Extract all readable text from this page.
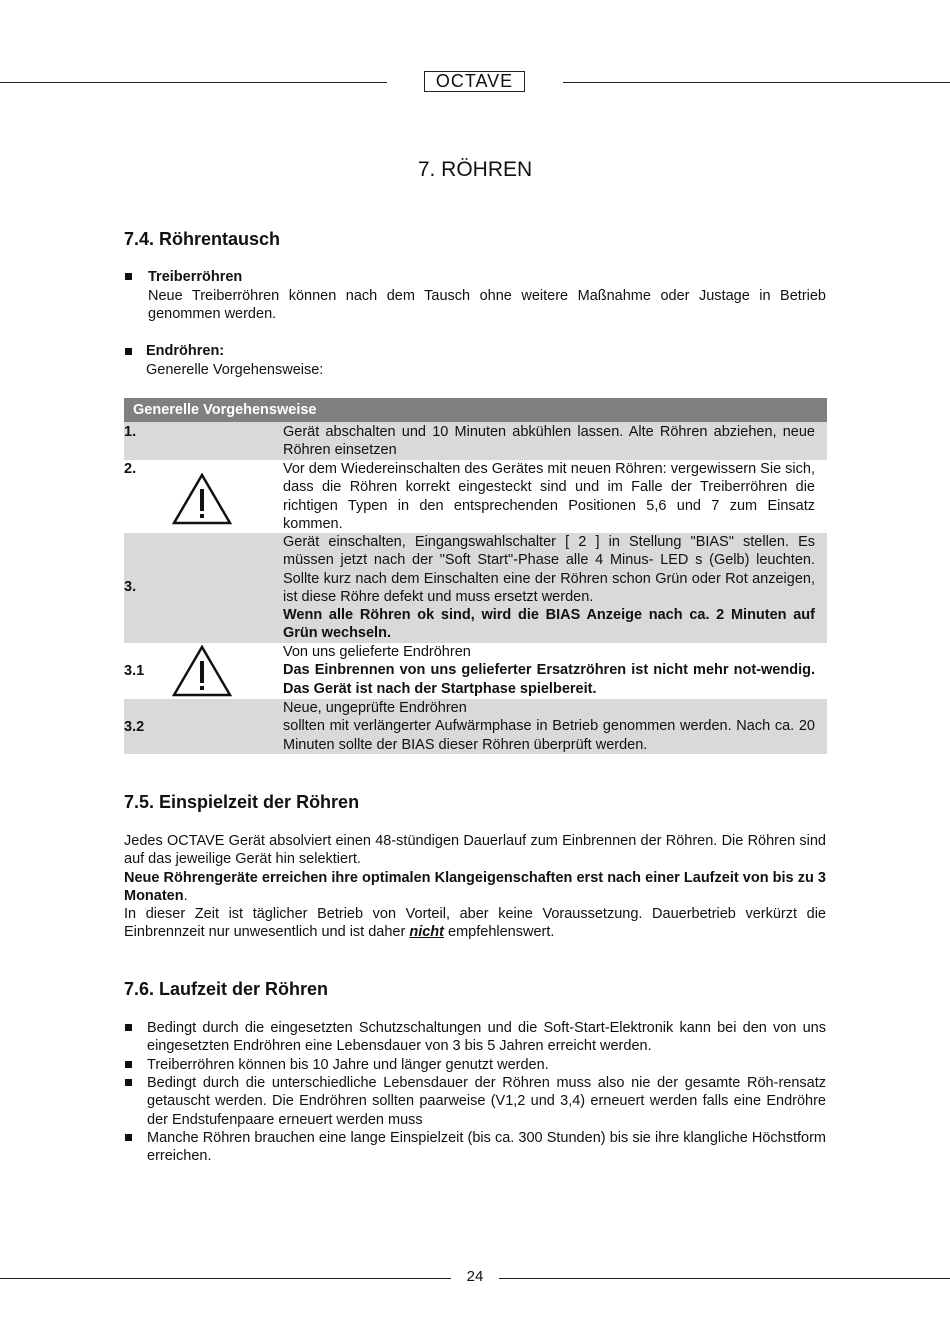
OCTAVE
7. RÖHREN
7.4. Röhrentausch
Treiberröhren
Neue Treiberröhren können nach dem Tausch ohne weitere Maßnahme oder Justage in Betrieb genommen werden.
Endröhren:
Generelle Vorgehensweise:
Generelle Vorgehensweise
1.	Gerät abschalten und 10 Minuten abkühlen lassen. Alte Röhren abziehen, neue Röhren einsetzen
2.	Vor dem Wiedereinschalten des Gerätes mit neuen Röhren: vergewissern Sie sich, dass die Röhren korrekt eingesteckt sind und im Falle der Treiberröhren die richtigen Typen in den entsprechenden Positionen 5,6 und 7 zum Einsatz kommen.
3.
Gerät einschalten, Eingangswahlschalter [ 2 ] in Stellung "BIAS" stellen. Es müssen jetzt nach der "Soft Start"-Phase alle 4 Minus- LED s (Gelb) leuchten. Sollte kurz nach dem Einschalten eine der Röhren schon Grün oder Rot anzeigen, ist diese Röhre defekt und muss ersetzt werden.
Wenn alle Röhren ok sind, wird die BIAS Anzeige nach ca. 2 Minuten auf Grün wechseln.
3.1
Von uns gelieferte Endröhren
Das Einbrennen von uns gelieferter Ersatzröhren ist nicht mehr not-wendig. Das Gerät ist nach der Startphase spielbereit.
3.2
Neue, ungeprüfte Endröhren
sollten mit verlängerter Aufwärmphase in Betrieb genommen werden. Nach ca. 20 Minuten sollte der BIAS dieser Röhren überprüft werden.
7.5. Einspielzeit der Röhren
Jedes OCTAVE Gerät absolviert einen 48-stündigen Dauerlauf zum Einbrennen der Röhren. Die Röhren sind auf das jeweilige Gerät hin selektiert.
Neue Röhrengeräte erreichen ihre optimalen Klangeigenschaften erst nach einer Laufzeit von bis zu 3 Monaten.
In dieser Zeit ist täglicher Betrieb von Vorteil, aber keine Voraussetzung. Dauerbetrieb verkürzt die Einbrennzeit nur unwesentlich und ist daher nicht empfehlenswert.
7.6. Laufzeit der Röhren
Bedingt durch die eingesetzten Schutzschaltungen und die Soft-Start-Elektronik kann bei den von uns eingesetzten Endröhren eine Lebensdauer von 3 bis 5 Jahren erreicht werden.
Treiberröhren können bis 10 Jahre und länger genutzt werden.
Bedingt durch die unterschiedliche Lebensdauer der Röhren muss also nie der gesamte Röh-rensatz getauscht werden. Die Endröhren sollten paarweise (V1,2 und 3,4) erneuert werden falls eine Endröhre der Endstufenpaare erneuert werden muss
Manche Röhren brauchen eine lange Einspielzeit (bis ca. 300 Stunden) bis sie ihre klangliche Höchstform erreichen.
24
